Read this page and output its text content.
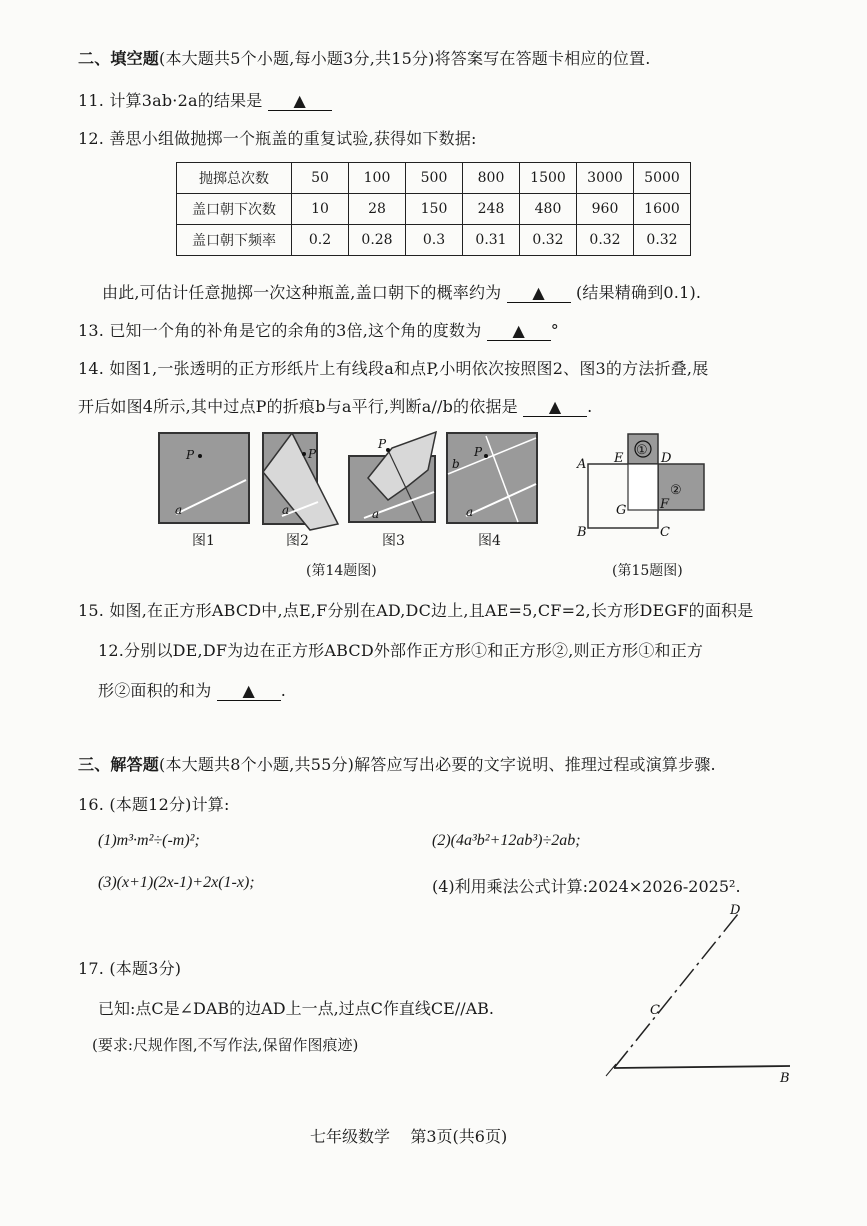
二、填空题(本大题共5个小题,每小题3分,共15分)将答案写在答题卡相应的位置.
11. 计算3ab·2a的结果是 ▲
12. 善思小组做抛掷一个瓶盖的重复试验,获得如下数据:
抛掷总次数	50	100	500	800	1500	3000	5000
盖口朝下次数	10	28	150	248	480	960	1600
盖口朝下频率	0.2	0.28	0.3	0.31	0.32	0.32	0.32
由此,可估计任意抛掷一次这种瓶盖,盖口朝下的概率约为 ▲ (结果精确到0.1).
13. 已知一个角的补角是它的余角的3倍,这个角的度数为 ▲ °
14. 如图1,一张透明的正方形纸片上有线段a和点P,小明依次按照图2、图3的方法折叠,展
开后如图4所示,其中过点P的折痕b与a平行,判断a//b的依据是 ▲ .
P
a
P
a
P
a
P
b
a
图1	图2	图3	图4
(第14题图)
①
②
A E	D
G	F
B	C
(第15题图)
15. 如图,在正方形ABCD中,点E,F分别在AD,DC边上,且AE=5,CF=2,长方形DEGF的面积是
12.分别以DE,DF为边在正方形ABCD外部作正方形①和正方形②,则正方形①和正方
形②面积的和为 ▲ .
三、解答题(本大题共8个小题,共55分)解答应写出必要的文字说明、推理过程或演算步骤.
16. (本题12分)计算:
(1)m³·m²÷(-m)²;	(2)(4a³b²+12ab³)÷2ab;
(3)(x+1)(2x-1)+2x(1-x);	(4)利用乘法公式计算:2024×2026-2025².
17. (本题3分)
已知:点C是∠DAB的边AD上一点,过点C作直线CE//AB.
(要求:尺规作图,不写作法,保留作图痕迹)
D
C
B
七年级数学    第3页(共6页)
